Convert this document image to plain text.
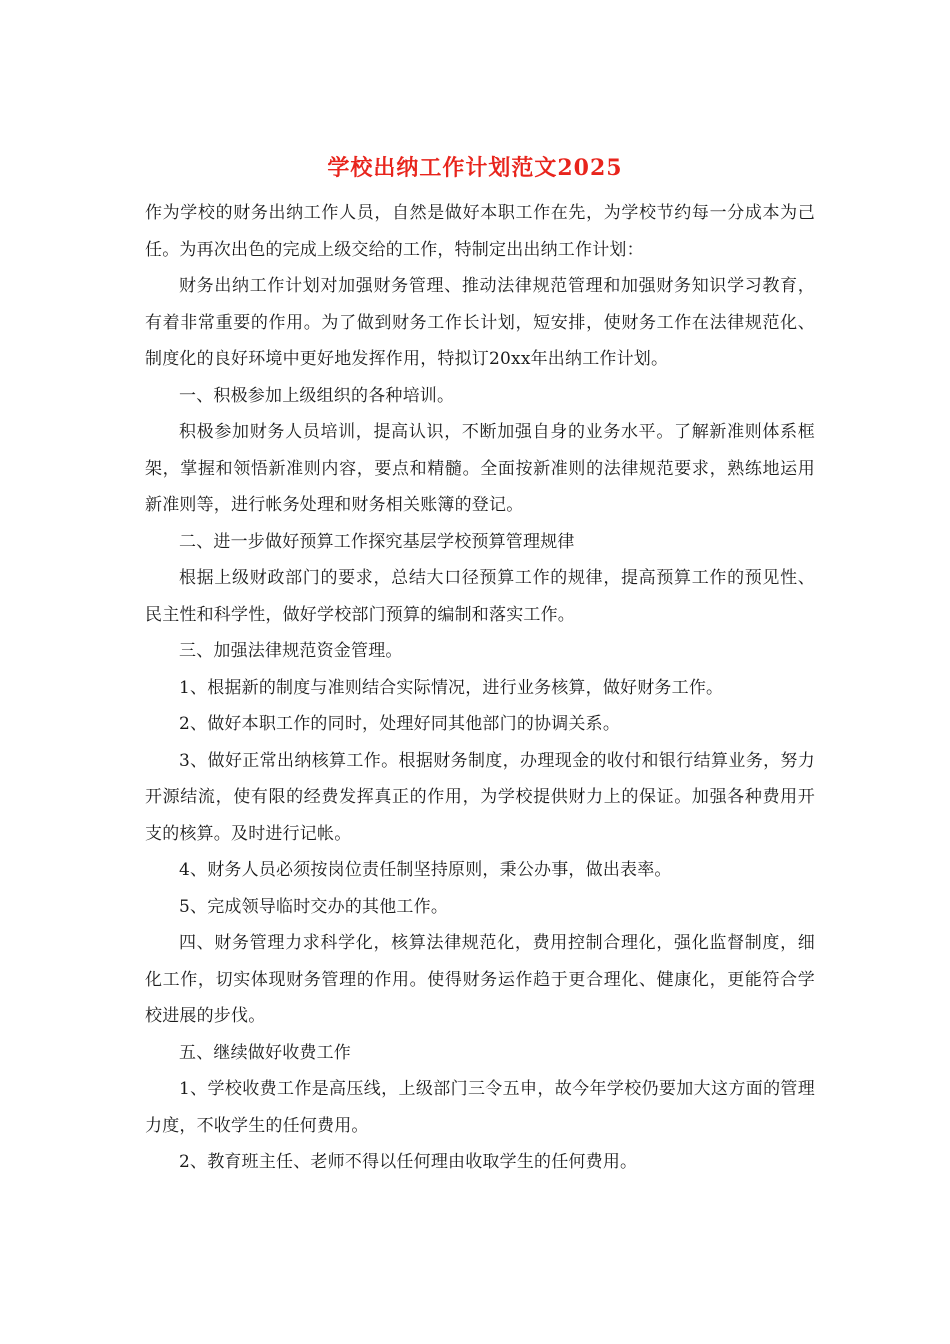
学校出纳工作计划范文2025

作为学校的财务出纳工作人员，自然是做好本职工作在先，为学校节约每一分成本为己任。为再次出色的完成上级交给的工作，特制定出出纳工作计划：

财务出纳工作计划对加强财务管理、推动法律规范管理和加强财务知识学习教育，有着非常重要的作用。为了做到财务工作长计划，短安排，使财务工作在法律规范化、制度化的良好环境中更好地发挥作用，特拟订20xx年出纳工作计划。

一、积极参加上级组织的各种培训。

积极参加财务人员培训，提高认识，不断加强自身的业务水平。了解新准则体系框架，掌握和领悟新准则内容，要点和精髓。全面按新准则的法律规范要求，熟练地运用新准则等，进行帐务处理和财务相关账簿的登记。

二、进一步做好预算工作探究基层学校预算管理规律

根据上级财政部门的要求，总结大口径预算工作的规律，提高预算工作的预见性、民主性和科学性，做好学校部门预算的编制和落实工作。

三、加强法律规范资金管理。

1、根据新的制度与准则结合实际情况，进行业务核算，做好财务工作。

2、做好本职工作的同时，处理好同其他部门的协调关系。

3、做好正常出纳核算工作。根据财务制度，办理现金的收付和银行结算业务，努力开源结流，使有限的经费发挥真正的作用，为学校提供财力上的保证。加强各种费用开支的核算。及时进行记帐。

4、财务人员必须按岗位责任制坚持原则，秉公办事，做出表率。

5、完成领导临时交办的其他工作。

四、财务管理力求科学化，核算法律规范化，费用控制合理化，强化监督制度，细化工作，切实体现财务管理的作用。使得财务运作趋于更合理化、健康化，更能符合学校进展的步伐。

五、继续做好收费工作

1、学校收费工作是高压线，上级部门三令五申，故今年学校仍要加大这方面的管理力度，不收学生的任何费用。

2、教育班主任、老师不得以任何理由收取学生的任何费用。
